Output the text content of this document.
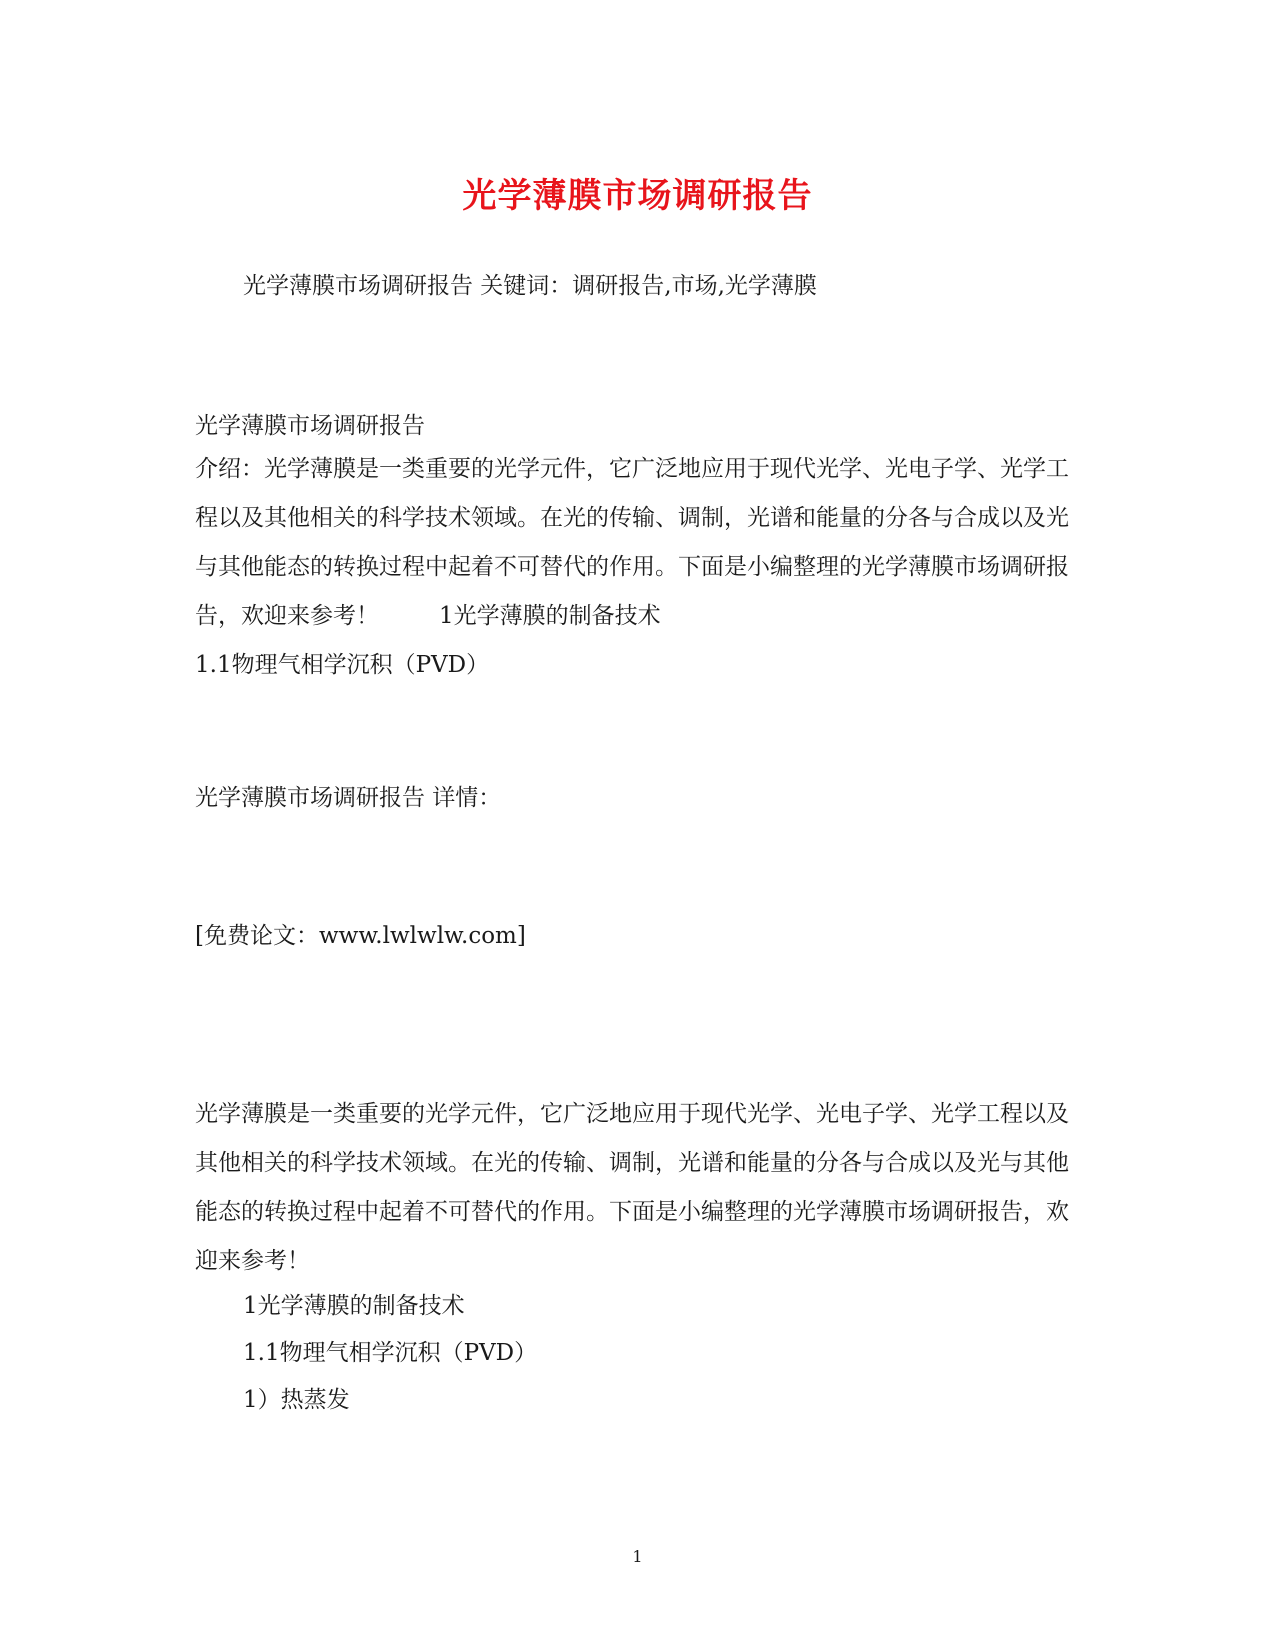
光学薄膜市场调研报告
光学薄膜市场调研报告 关键词：调研报告,市场,光学薄膜
光学薄膜市场调研报告

介绍：光学薄膜是一类重要的光学元件，它广泛地应用于现代光学、光电子学、光学工程以及其他相关的科学技术领域。在光的传输、调制，光谱和能量的分各与合成以及光与其他能态的转换过程中起着不可替代的作用。下面是小编整理的光学薄膜市场调研报告，欢迎来参考！	1光学薄膜的制备技术

1.1物理气相学沉积（PVD）

光学薄膜市场调研报告 详情：
[免费论文：www.lwlwlw.com]

光学薄膜是一类重要的光学元件，它广泛地应用于现代光学、光电子学、光学工程以及其他相关的科学技术领域。在光的传输、调制，光谱和能量的分各与合成以及光与其他能态的转换过程中起着不可替代的作用。下面是小编整理的光学薄膜市场调研报告，欢迎来参考！

1光学薄膜的制备技术
1.1物理气相学沉积（PVD）
1）热蒸发
1
